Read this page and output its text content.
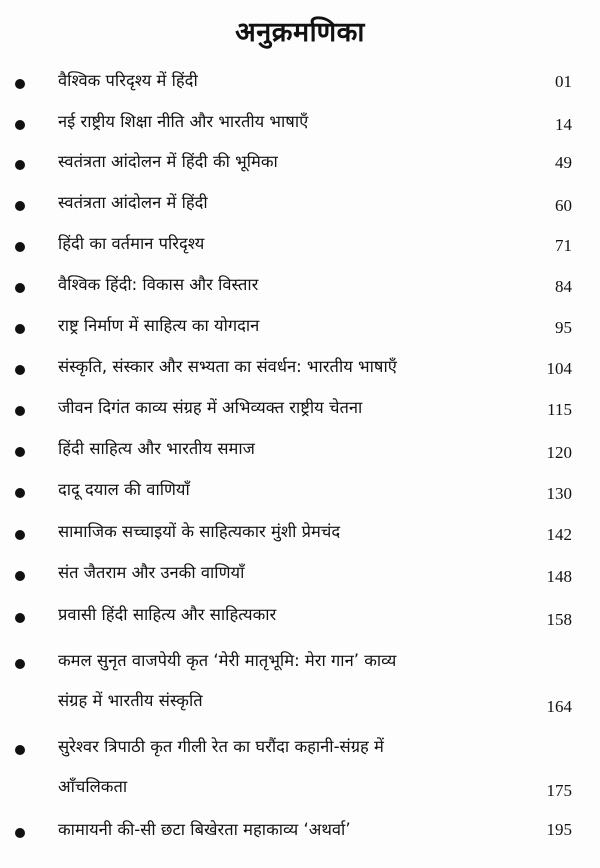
अनुक्रमणिका
वैश्विक परिदृश्य में हिंदी	01
नई राष्ट्रीय शिक्षा नीति और भारतीय भाषाएँ	14
स्वतंत्रता आंदोलन में हिंदी की भूमिका	49
स्वतंत्रता आंदोलन में हिंदी	60
हिंदी का वर्तमान परिदृश्य	71
वैश्विक हिंदी: विकास और विस्तार	84
राष्ट्र निर्माण में साहित्य का योगदान	95
संस्कृति, संस्कार और सभ्यता का संवर्धन: भारतीय भाषाएँ	104
जीवन दिगंत काव्य संग्रह में अभिव्यक्त राष्ट्रीय चेतना	115
हिंदी साहित्य और भारतीय समाज	120
दादू दयाल की वाणियाँ	130
सामाजिक सच्चाइयों के साहित्यकार मुंशी प्रेमचंद	142
संत जैतराम और उनकी वाणियाँ	148
प्रवासी हिंदी साहित्य और साहित्यकार	158
कमल सुनृत वाजपेयी कृत ‘मेरी मातृभूमि: मेरा गान’ काव्य
संग्रह में भारतीय संस्कृति	164
सुरेश्वर त्रिपाठी कृत गीली रेत का घरौंदा कहानी-संग्रह में
आँचलिकता	175
कामायनी की-सी छटा बिखेरता महाकाव्य ‘अथर्वा’	195
